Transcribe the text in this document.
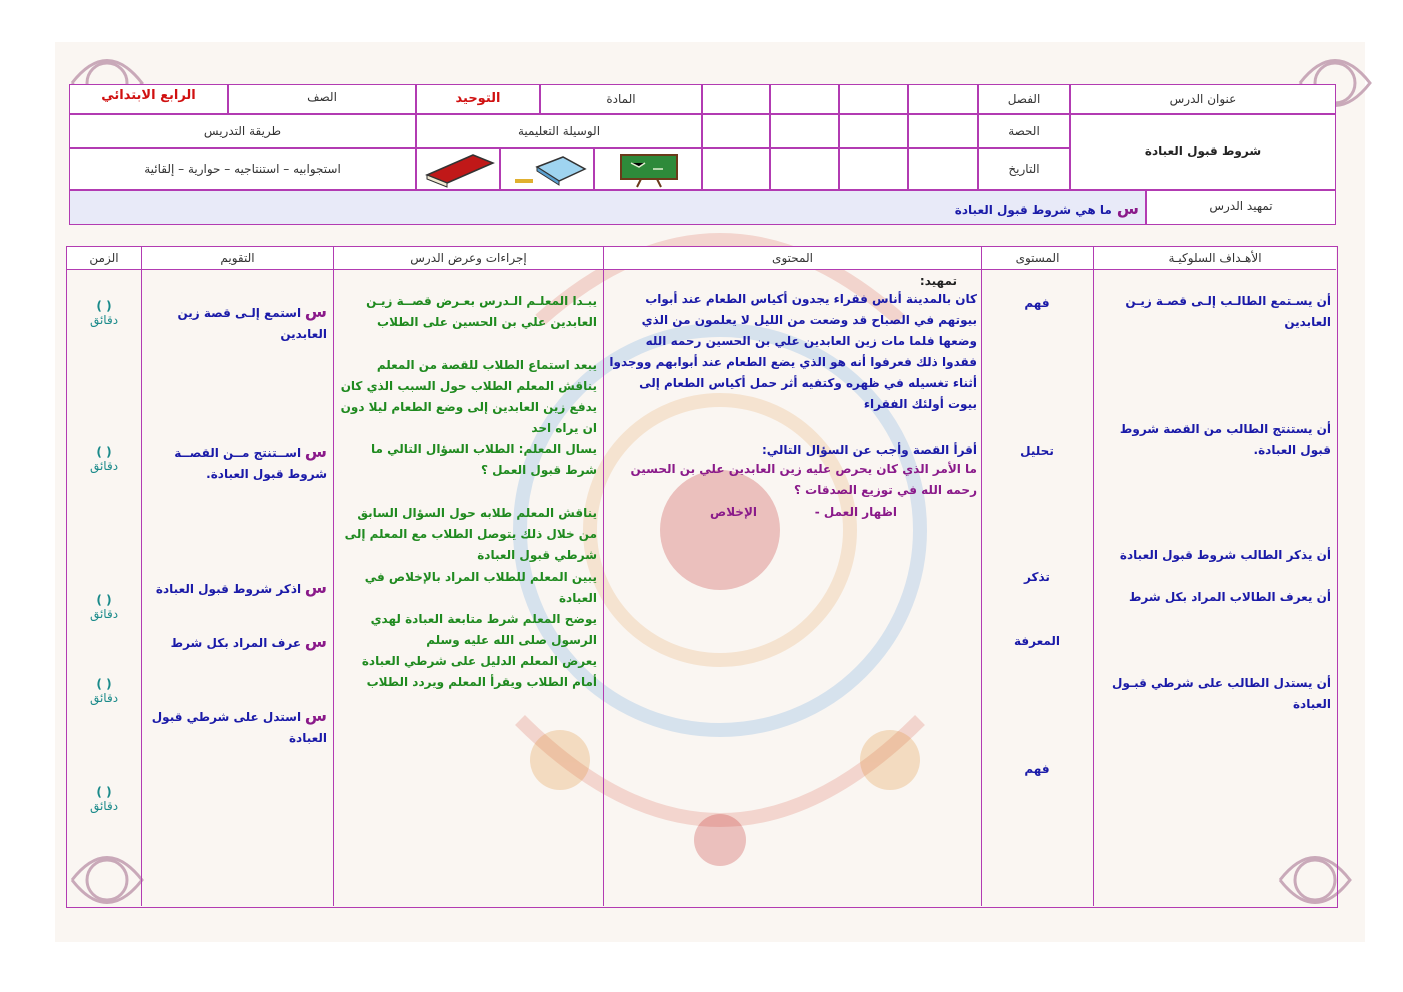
عنوان الدرس
الفصل
المادة
التوحيد
الصف
الرابع الابتدائي
شروط قبول العبادة
الحصة
الوسيلة التعليمية
طريقة التدريس
التاريخ
استجوابيه – استنتاجيه – حوارية – إلقائية
تمهيد الدرس
س ما هي شروط قبول العبادة
الأهـداف السلوكيـة
المستوى
المحتوى
إجراءات وعرض الدرس
التقويم
الزمن
أن يسـتمع الطالـب إلـى قصـة زيـن العابدين
أن يستنتج الطالب من القصة شروط قبول العبادة.
أن يذكر الطالب شروط قبول العبادة
أن يعرف الطالاب المراد بكل شرط
أن يستدل الطالب على شرطي قبـول العبادة
فهم
تحليل
تذكر
المعرفة
فهم
تمهيد:
كان بالمدينة أناس فقراء يجدون أكياس الطعام عند أبواب بيوتهم في الصباح قد وضعت من الليل لا يعلمون من الذي وضعها فلما مات زين العابدين علي بن الحسين رحمه الله فقدوا ذلك فعرفوا أنه هو الذي يضع الطعام عند أبوابهم ووجدوا أثناء تغسيله في ظهره وكتفيه أثر حمل أكياس الطعام إلى بيوت أولئك الفقراء
أقرأ القصة وأجب عن السؤال التالي:
ما الأمر الذي كان يحرص عليه زين العابدين علي بن الحسين رحمه الله في توزيع الصدقات ؟
اظهار العمل -
الإخلاص
يبـدا المعلـم الـدرس بعـرض قصــة زيـن العابدين علي بن الحسين على الطلاب
يبعد استماع الطلاب للقصة من المعلم يناقش المعلم الطلاب حول السبب الذي كان يدفع زين العابدين إلى وضع الطعام ليلا دون ان يراه احد
يسال المعلم: الطلاب السؤال التالي ما شرط قبول العمل ؟
يناقش المعلم طلابه حول السؤال السابق من خلال ذلك يتوصل الطلاب مع المعلم إلى شرطي قبول العبادة
يبين المعلم للطلاب المراد بالإخلاص في العبادة
يوضح المعلم شرط متابعة العبادة لهدي الرسول صلى الله عليه وسلم
يعرض المعلم الدليل على شرطي العبادة أمام الطلاب ويقرأ المعلم ويردد الطلاب
س استمع إلـى قصة زين العابدين
س اســتنتج مــن القصــة شروط قبول العبادة.
س اذكر شروط قبول العبادة
س عرف المراد بكل شرط
س استدل على شرطي قبول العبادة
( )
دقائق
( )
دقائق
( )
دقائق
( )
دقائق
( )
دقائق
